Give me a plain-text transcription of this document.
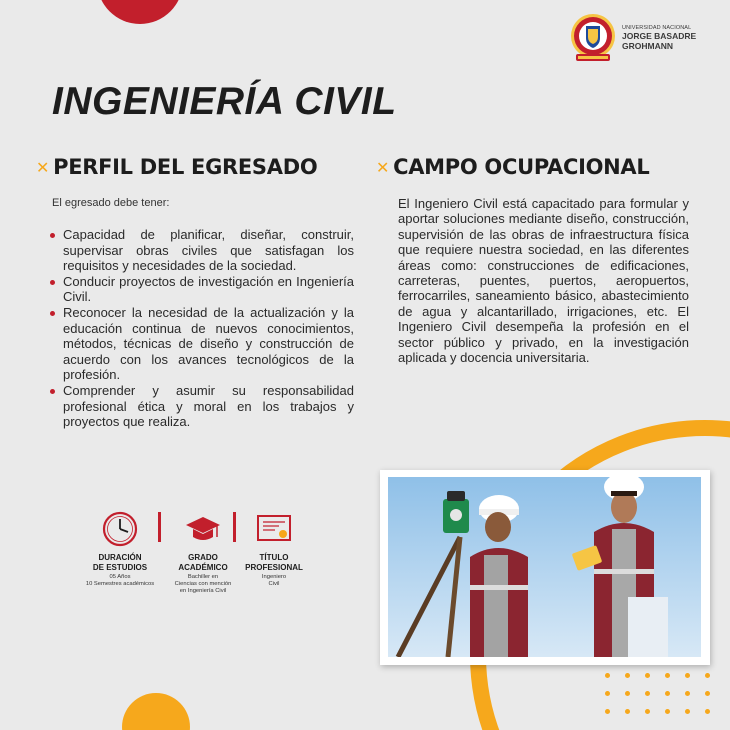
UNIVERSIDAD NACIONAL
JORGE BASADRE
GROHMANN
INGENIERÍA CIVIL
✕ PERFIL DEL EGRESADO	✕ CAMPO OCUPACIONAL

El egresado debe tener:

Capacidad de planificar, diseñar, construir, supervisar obras civiles que satisfagan los requisitos y necesidades de la sociedad.
Conducir proyectos de investigación en Ingeniería Civil.
Reconocer la necesidad de la actualización y la educación continua de nuevos conocimientos, métodos, técnicas de diseño y construcción de acuerdo con los avances tecnológicos de la profesión.
Comprender y asumir su responsabilidad profesional ética y moral en los trabajos y proyectos que realiza.

El Ingeniero Civil está capacitado para formular y aportar soluciones mediante diseño, construcción, supervisión de las obras de infraestructura física que requiere nuestra sociedad, en las diferentes áreas como: construcciones de edificaciones, carreteras, puentes, puertos, aeropuertos, ferrocarriles, saneamiento básico, abastecimiento de agua y alcantarillado, irrigaciones, etc. El Ingeniero Civil desempeña la profesión en el sector público y privado, en la investigación aplicada y docencia universitaria.

DURACIÓN
DE ESTUDIOS
05 Años
10 Semestres académicos
GRADO
ACADÉMICO
Bachiller en
Ciencias con mención
en Ingeniería Civil
TÍTULO
PROFESIONAL
Ingeniero
Civil
